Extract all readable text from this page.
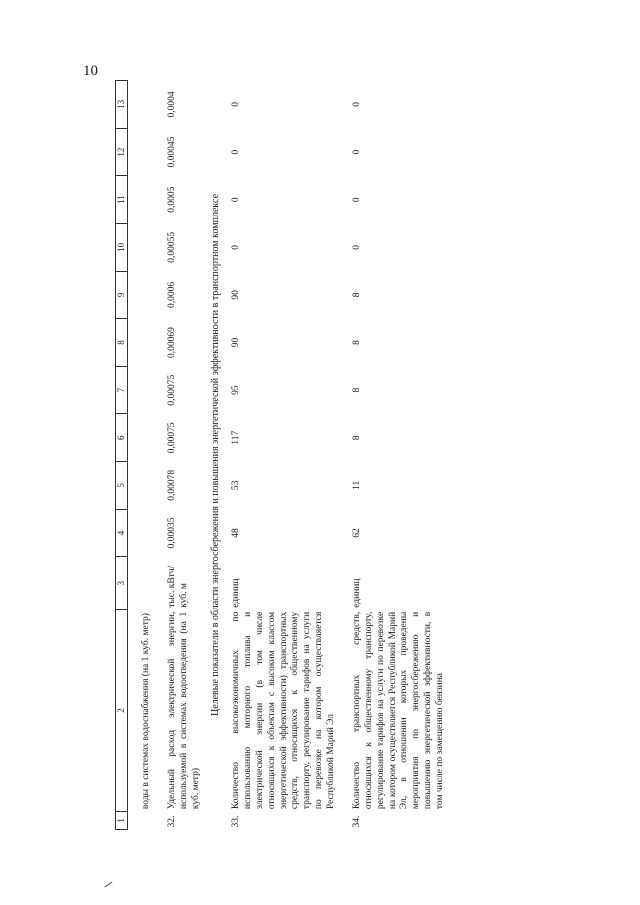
10
1	2	3	4	5	6	7	8	9	10	11	12	13

	воды в системах водоснабжения (на 1 куб. метр)											

32.	Удельный расход электрической энергии, используемой в системах водоотведения (на 1 куб. метр)	тыс. кВтч/ куб. м	0,00035	0,00078	0,00075	0,00075	0,00069	0,0006	0,00055	0,0005	0,00045	0,0004
Целевые показатели в области энергосбережения и повышения энергетической эффективности в транспортном комплексе												
33.	Количество высокоэкономичных по использованию моторного топлива и электрической энергии (в том числе относящихся к объектам с высоким классом энергетической эффективности) транспортных средств, относящихся к общественному транспорту, регулирование тарифов на услуги по перевозке на котором осуществляется Республикой Марий Эл	единиц	48	53	117	95	90	90	0	0	0	0

34.	Количество транспортных средств, относящихся к общественному транспорту, регулирование тарифов на услуги по перевозке на котором осуществляется Республикой Марий Эл, в отношении которых проведены мероприятия по энергосбережению и повышению энергетической эффективности, в том числе по замещению бензина	единиц	62	11	8	8	8	8	0	0	0	0
